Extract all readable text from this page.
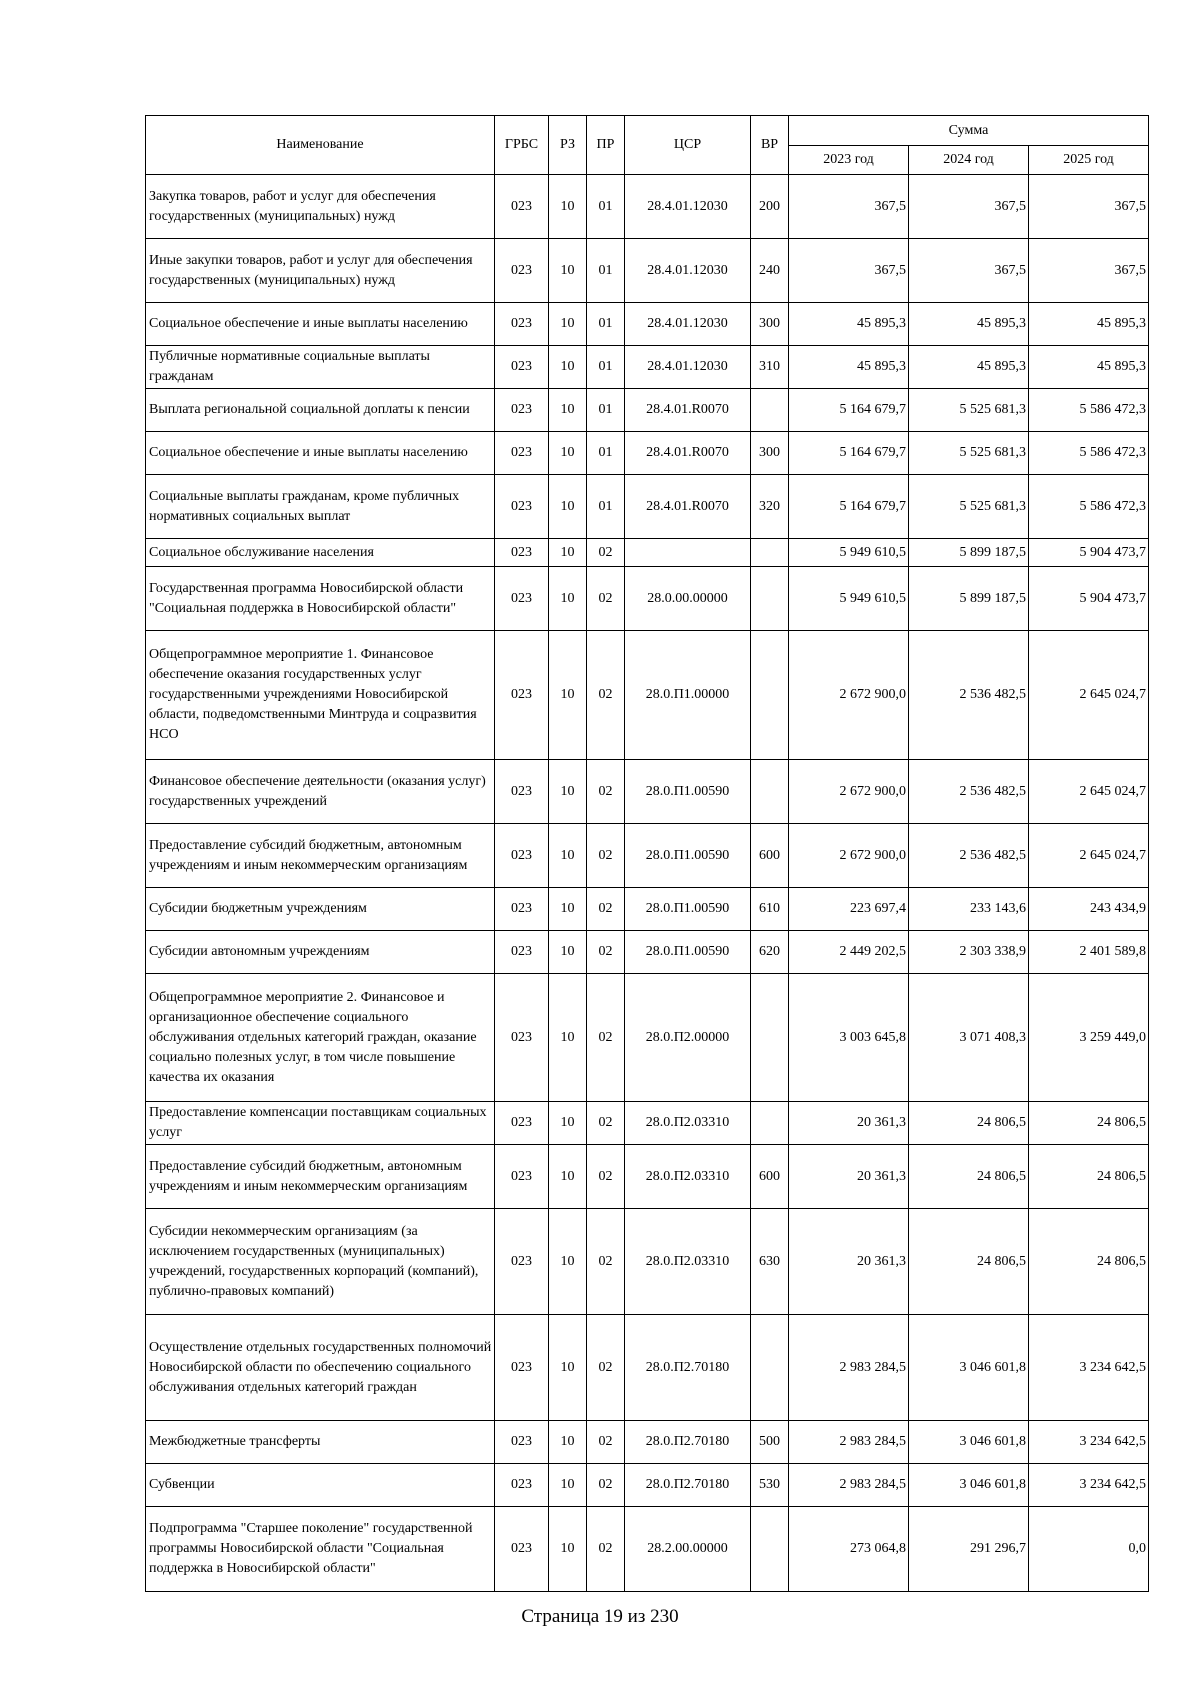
Наименование	ГРБС	РЗ	ПР	ЦСР	ВР	Сумма		
						2023 год	2024 год	2025 год
Закупка товаров, работ и услуг для обеспечения государственных (муниципальных) нужд	023	10	01	28.4.01.12030	200	367,5	367,5	367,5
Иные закупки товаров, работ и услуг для обеспечения государственных (муниципальных) нужд	023	10	01	28.4.01.12030	240	367,5	367,5	367,5
Социальное обеспечение и иные выплаты населению	023	10	01	28.4.01.12030	300	45 895,3	45 895,3	45 895,3
Публичные нормативные социальные выплаты гражданам	023	10	01	28.4.01.12030	310	45 895,3	45 895,3	45 895,3
Выплата региональной социальной доплаты к пенсии	023	10	01	28.4.01.R0070		5 164 679,7	5 525 681,3	5 586 472,3
Социальное обеспечение и иные выплаты населению	023	10	01	28.4.01.R0070	300	5 164 679,7	5 525 681,3	5 586 472,3
Социальные выплаты гражданам, кроме публичных нормативных социальных выплат	023	10	01	28.4.01.R0070	320	5 164 679,7	5 525 681,3	5 586 472,3
Социальное обслуживание населения	023	10	02			5 949 610,5	5 899 187,5	5 904 473,7
Государственная программа Новосибирской области "Социальная поддержка в Новосибирской области"	023	10	02	28.0.00.00000		5 949 610,5	5 899 187,5	5 904 473,7
Общепрограммное мероприятие 1. Финансовое обеспечение оказания государственных услуг государственными учреждениями Новосибирской области, подведомственными Минтруда и соцразвития НСО	023	10	02	28.0.П1.00000		2 672 900,0	2 536 482,5	2 645 024,7
Финансовое обеспечение деятельности (оказания услуг) государственных учреждений	023	10	02	28.0.П1.00590		2 672 900,0	2 536 482,5	2 645 024,7
Предоставление субсидий бюджетным, автономным учреждениям и иным некоммерческим организациям	023	10	02	28.0.П1.00590	600	2 672 900,0	2 536 482,5	2 645 024,7
Субсидии бюджетным учреждениям	023	10	02	28.0.П1.00590	610	223 697,4	233 143,6	243 434,9
Субсидии автономным учреждениям	023	10	02	28.0.П1.00590	620	2 449 202,5	2 303 338,9	2 401 589,8
Общепрограммное мероприятие 2. Финансовое и организационное обеспечение социального обслуживания отдельных категорий граждан, оказание социально полезных услуг, в том числе повышение качества их оказания	023	10	02	28.0.П2.00000		3 003 645,8	3 071 408,3	3 259 449,0
Предоставление компенсации поставщикам социальных услуг	023	10	02	28.0.П2.03310		20 361,3	24 806,5	24 806,5
Предоставление субсидий бюджетным, автономным учреждениям и иным некоммерческим организациям	023	10	02	28.0.П2.03310	600	20 361,3	24 806,5	24 806,5
Субсидии некоммерческим организациям (за исключением государственных (муниципальных) учреждений, государственных корпораций (компаний), публично-правовых компаний)	023	10	02	28.0.П2.03310	630	20 361,3	24 806,5	24 806,5
Осуществление отдельных государственных полномочий Новосибирской области по обеспечению социального обслуживания отдельных категорий граждан	023	10	02	28.0.П2.70180		2 983 284,5	3 046 601,8	3 234 642,5
Межбюджетные трансферты	023	10	02	28.0.П2.70180	500	2 983 284,5	3 046 601,8	3 234 642,5
Субвенции	023	10	02	28.0.П2.70180	530	2 983 284,5	3 046 601,8	3 234 642,5
Подпрограмма "Старшее поколение" государственной программы Новосибирской области "Социальная поддержка в Новосибирской области"	023	10	02	28.2.00.00000		273 064,8	291 296,7	0,0
Страница 19 из 230
